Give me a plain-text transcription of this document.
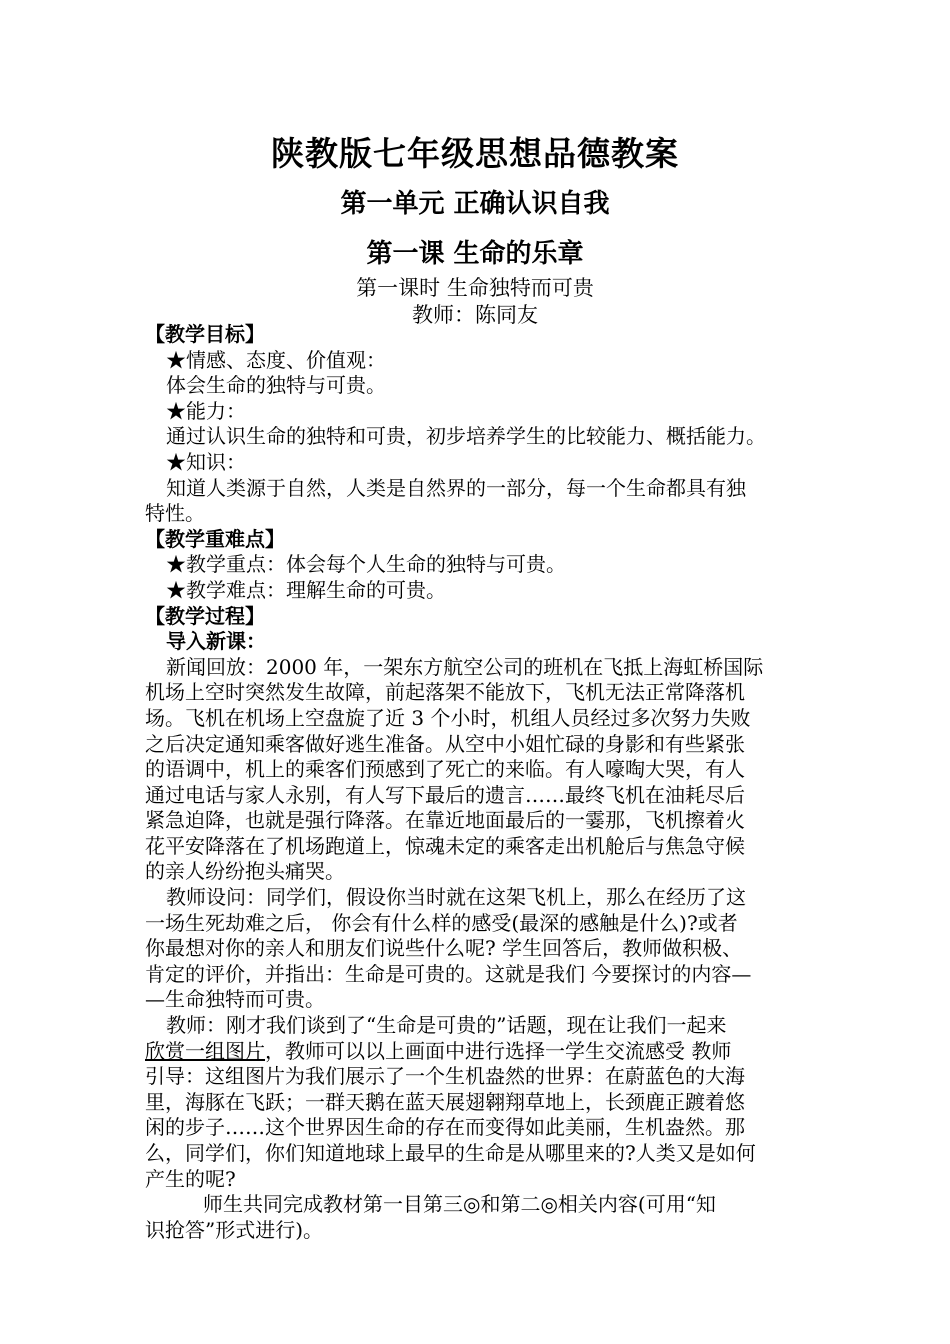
陕教版七年级思想品德教案
第一单元 正确认识自我
第一课 生命的乐章
第一课时 生命独特而可贵
教师：陈同友

【教学目标】

★情感、态度、价值观：

体会生命的独特与可贵。

★能力：

通过认识生命的独特和可贵，初步培养学生的比较能力、概括能力。

★知识：

知道人类源于自然，人类是自然界的一部分，每一个生命都具有独

特性。

【教学重难点】

★教学重点：体会每个人生命的独特与可贵。

★教学难点：理解生命的可贵。

【教学过程】

导入新课：

新闻回放：2000 年，一架东方航空公司的班机在飞抵上海虹桥国际

机场上空时突然发生故障，前起落架不能放下，飞机无法正常降落机

场。飞机在机场上空盘旋了近 3 个小时，机组人员经过多次努力失败

之后决定通知乘客做好逃生准备。从空中小姐忙碌的身影和有些紧张

的语调中，机上的乘客们预感到了死亡的来临。有人嚎啕大哭，有人

通过电话与家人永别，有人写下最后的遗言……最终飞机在油耗尽后

紧急迫降，也就是强行降落。在靠近地面最后的一霎那，飞机擦着火

花平安降落在了机场跑道上，惊魂未定的乘客走出机舱后与焦急守候

的亲人纷纷抱头痛哭。

教师设问：同学们，假设你当时就在这架飞机上，那么在经历了这

一场生死劫难之后， 你会有什么样的感受(最深的感触是什么)?或者

你最想对你的亲人和朋友们说些什么呢? 学生回答后，教师做积极、

肯定的评价，并指出：生命是可贵的。这就是我们 今要探讨的内容—

—生命独特而可贵。

教师：刚才我们谈到了“生命是可贵的”话题，现在让我们一起来

欣赏一组图片，教师可以以上画面中进行选择一学生交流感受 教师

引导：这组图片为我们展示了一个生机盎然的世界：在蔚蓝色的大海

里，海豚在飞跃；一群天鹅在蓝天展翅翱翔草地上，长颈鹿正踱着悠

闲的步子……这个世界因生命的存在而变得如此美丽，生机盎然。那

么，同学们，你们知道地球上最早的生命是从哪里来的?人类又是如何

产生的呢?

师生共同完成教材第一目第三◎和第二◎相关内容(可用“知

识抢答”形式进行)。
